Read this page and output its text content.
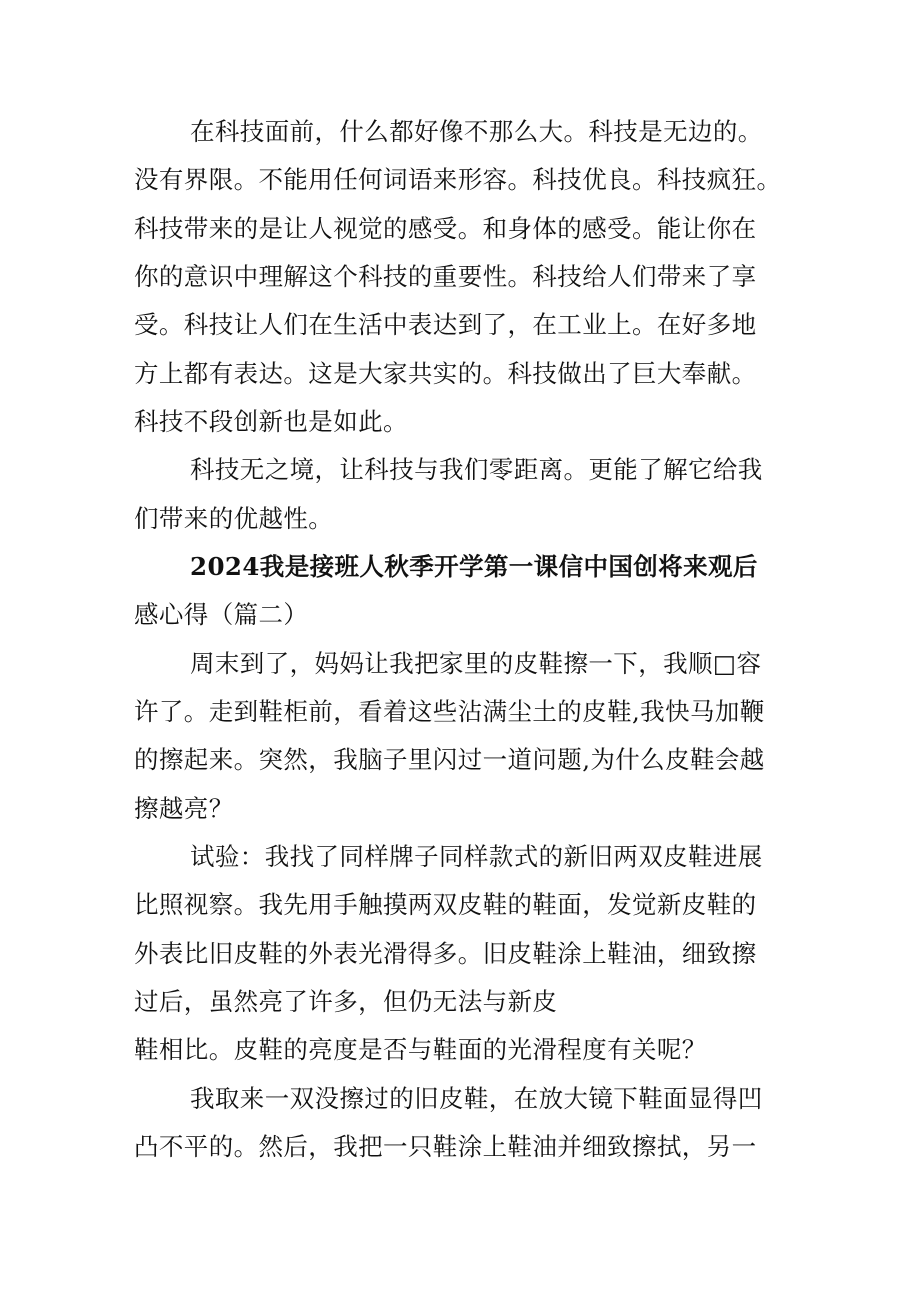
在科技面前，什么都好像不那么大。科技是无边的。
没有界限。不能用任何词语来形容。科技优良。科技疯狂。
科技带来的是让人视觉的感受。和身体的感受。能让你在
你的意识中理解这个科技的重要性。科技给人们带来了享
受。科技让人们在生活中表达到了，在工业上。在好多地
方上都有表达。这是大家共实的。科技做出了巨大奉献。
科技不段创新也是如此。
科技无之境，让科技与我们零距离。更能了解它给我
们带来的优越性。
2024我是接班人秋季开学第一课信中国创将来观后
感心得（篇二）
周末到了，妈妈让我把家里的皮鞋擦一下，我顺□容
许了。走到鞋柜前，看着这些沾满尘土的皮鞋,我快马加鞭
的擦起来。突然，我脑子里闪过一道问题,为什么皮鞋会越
擦越亮？
试验：我找了同样牌子同样款式的新旧两双皮鞋进展
比照视察。我先用手触摸两双皮鞋的鞋面，发觉新皮鞋的
外表比旧皮鞋的外表光滑得多。旧皮鞋涂上鞋油，细致擦
过后，虽然亮了许多，但仍无法与新皮
鞋相比。皮鞋的亮度是否与鞋面的光滑程度有关呢？
我取来一双没擦过的旧皮鞋，在放大镜下鞋面显得凹
凸不平的。然后，我把一只鞋涂上鞋油并细致擦拭，另一
